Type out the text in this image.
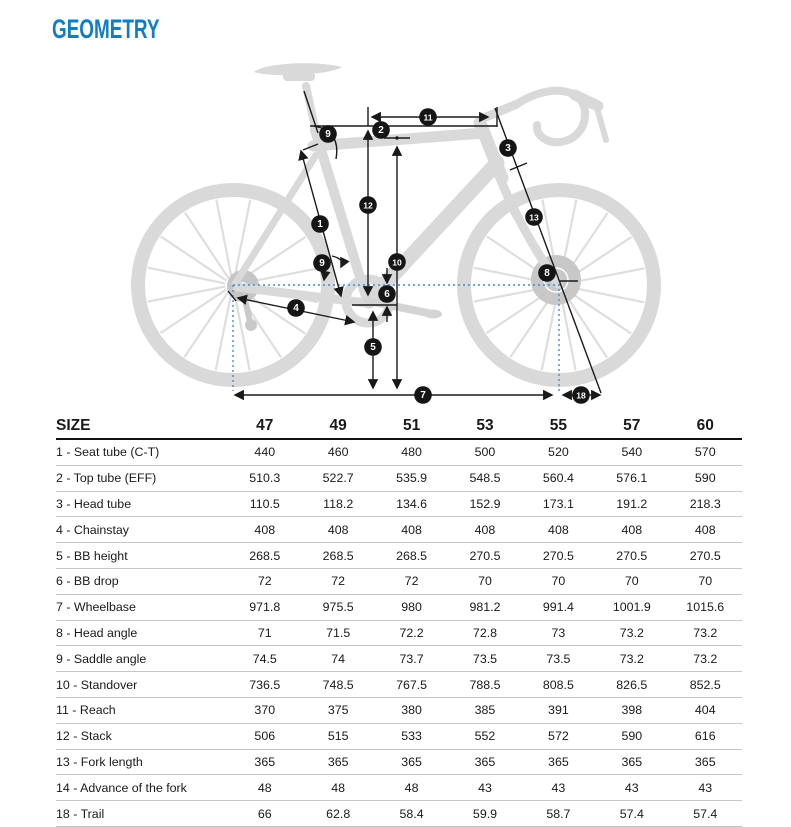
GEOMETRY
1
2
3
4
5
6
7
8
9
9	10
11
12
13
18
SIZE	47	49	51	53	55	57	60
1 - Seat tube (C-T)	440	460	480	500	520	540	570
2 - Top tube (EFF)	510.3	522.7	535.9	548.5	560.4	576.1	590
3 - Head tube	110.5	118.2	134.6	152.9	173.1	191.2	218.3
4 - Chainstay	408	408	408	408	408	408	408
5 - BB height	268.5	268.5	268.5	270.5	270.5	270.5	270.5
6 - BB drop	72	72	72	70	70	70	70
7 - Wheelbase	971.8	975.5	980	981.2	991.4	1001.9	1015.6
8 - Head angle	71	71.5	72.2	72.8	73	73.2	73.2
9 - Saddle angle	74.5	74	73.7	73.5	73.5	73.2	73.2
10 - Standover	736.5	748.5	767.5	788.5	808.5	826.5	852.5
11 - Reach	370	375	380	385	391	398	404
12 - Stack	506	515	533	552	572	590	616
13 - Fork length	365	365	365	365	365	365	365
14 - Advance of the fork	48	48	48	43	43	43	43
18 - Trail	66	62.8	58.4	59.9	58.7	57.4	57.4
